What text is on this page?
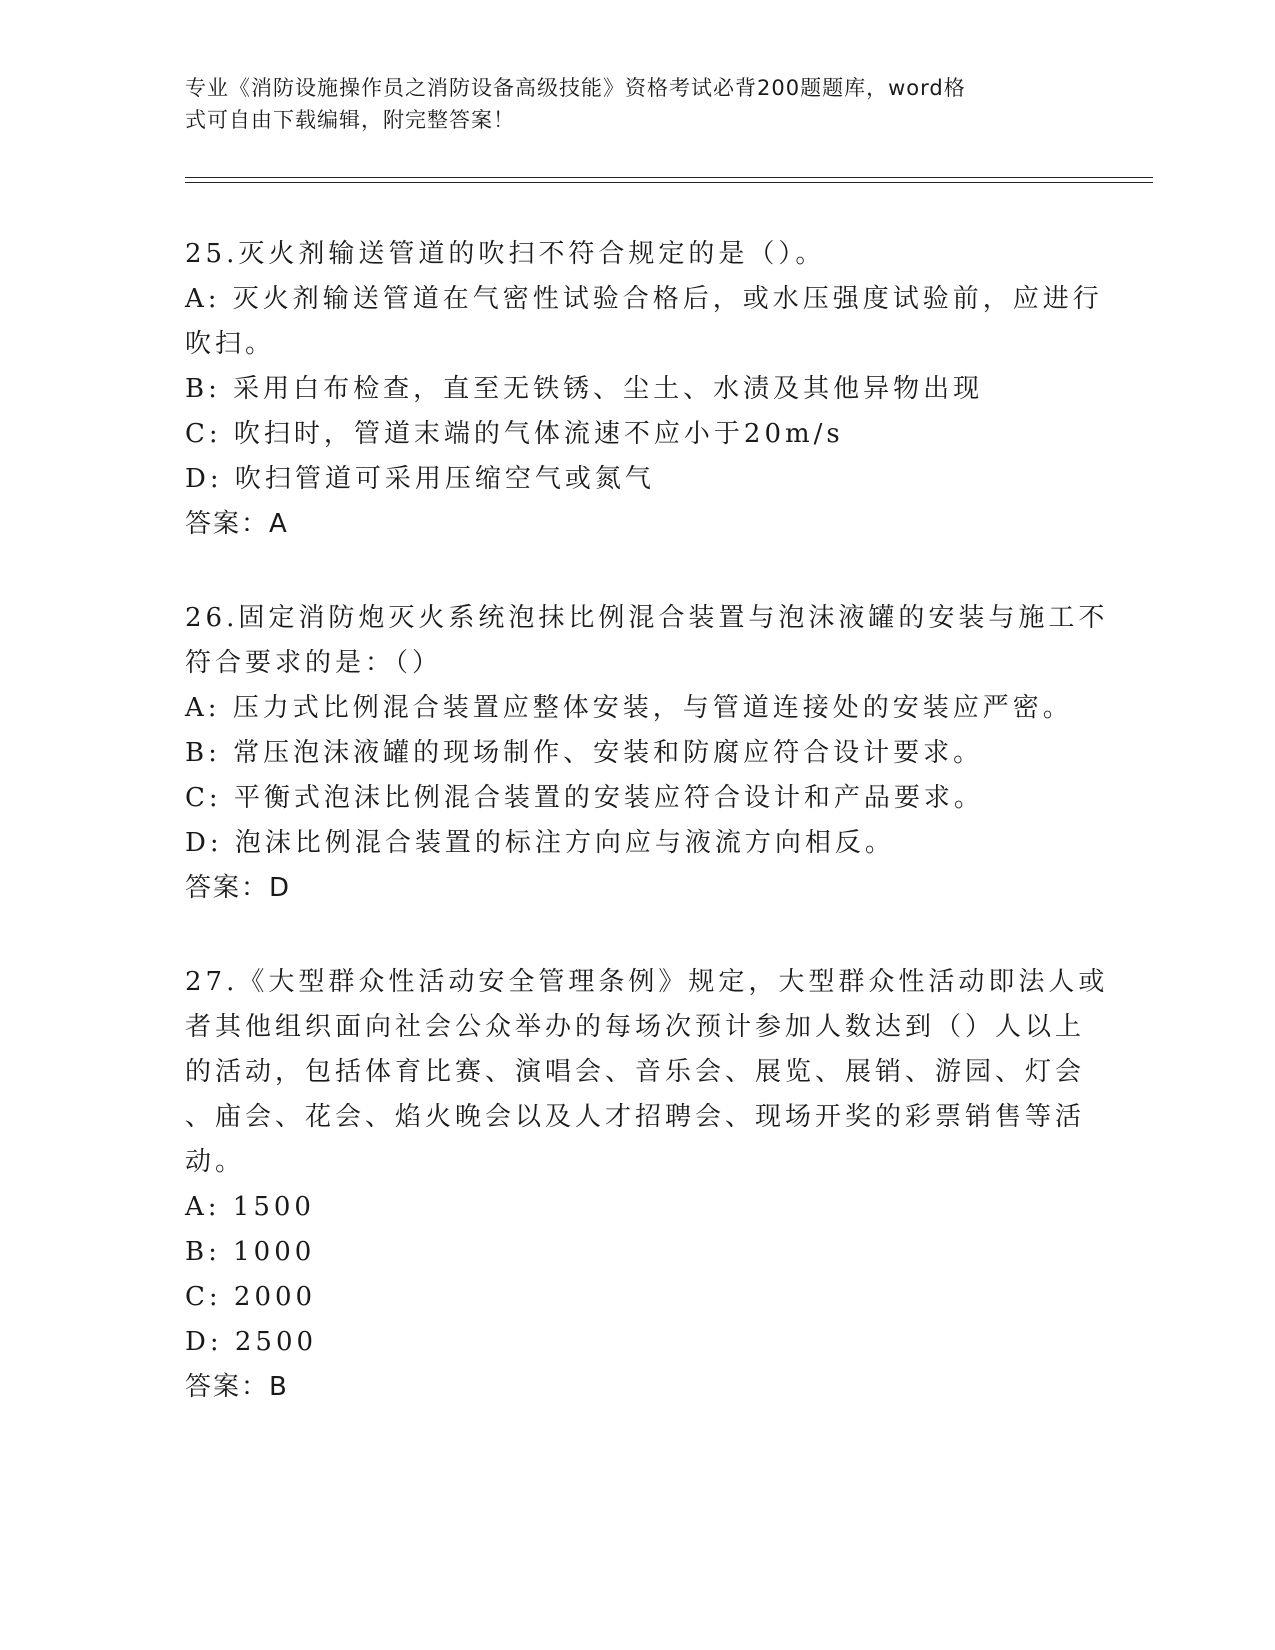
专业《消防设施操作员之消防设备高级技能》资格考试必背200题题库，word格
式可自由下载编辑，附完整答案！
25.灭火剂输送管道的吹扫不符合规定的是（）。
A: 灭火剂输送管道在气密性试验合格后，或水压强度试验前，应进行
吹扫。
B: 采用白布检查，直至无铁锈、尘土、水渍及其他异物出现
C: 吹扫时，管道末端的气体流速不应小于20m/s
D: 吹扫管道可采用压缩空气或氮气
答案：A
26.固定消防炮灭火系统泡抹比例混合装置与泡沫液罐的安装与施工不
符合要求的是：（）
A: 压力式比例混合装置应整体安装，与管道连接处的安装应严密。
B: 常压泡沫液罐的现场制作、安装和防腐应符合设计要求。
C: 平衡式泡沫比例混合装置的安装应符合设计和产品要求。
D: 泡沫比例混合装置的标注方向应与液流方向相反。
答案：D
27.《大型群众性活动安全管理条例》规定，大型群众性活动即法人或
者其他组织面向社会公众举办的每场次预计参加人数达到（）人以上
的活动，包括体育比赛、演唱会、音乐会、展览、展销、游园、灯会
、庙会、花会、焰火晚会以及人才招聘会、现场开奖的彩票销售等活
动。
A: 1500
B: 1000
C: 2000
D: 2500
答案：B
